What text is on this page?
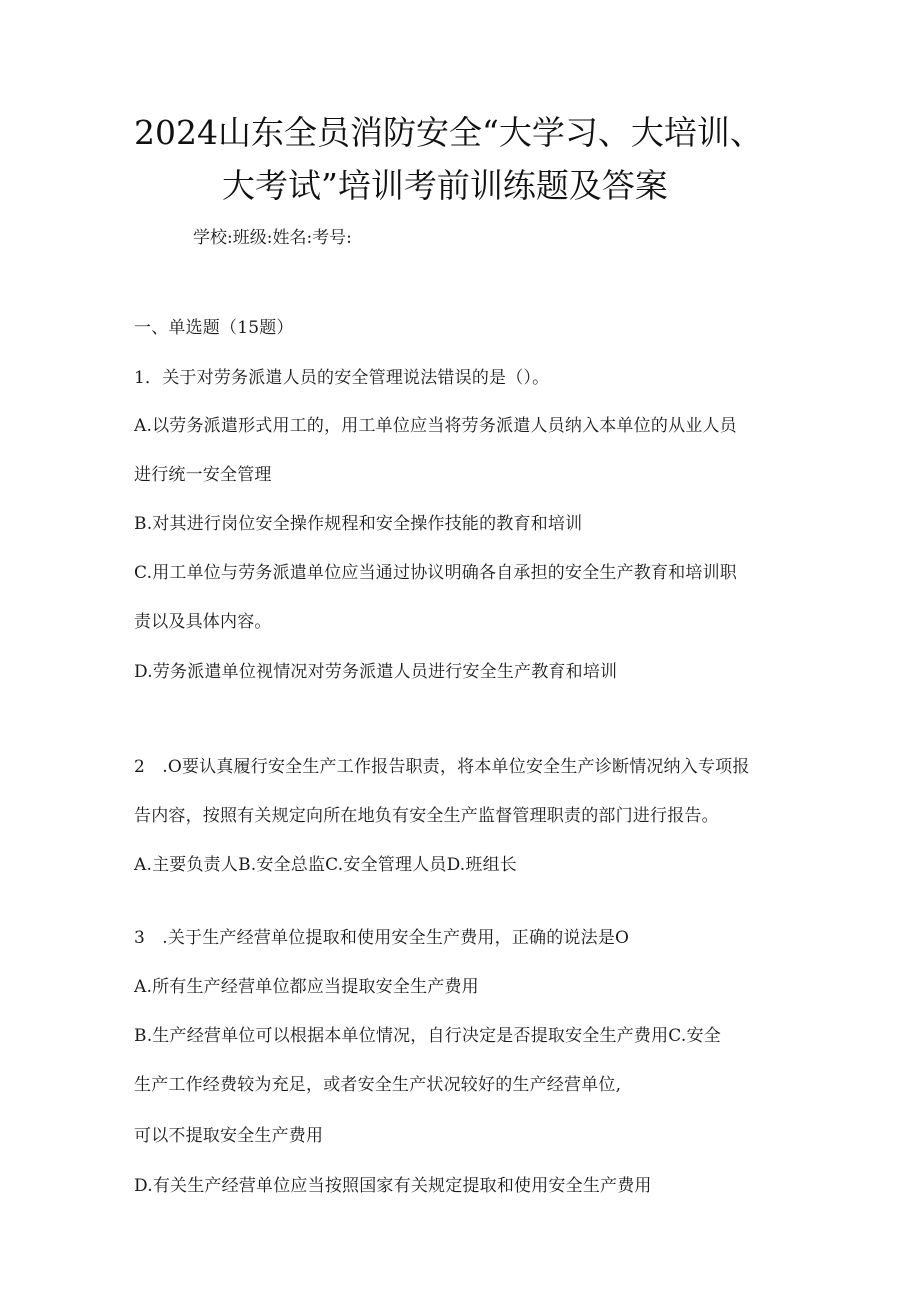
2024山东全员消防安全“大学习、大培训、
大考试”培训考前训练题及答案
学校:班级:姓名:考号:
一、单选题（15题）
1．关于对劳务派遣人员的安全管理说法错误的是（）。
A.以劳务派遣形式用工的，用工单位应当将劳务派遣人员纳入本单位的从业人员
进行统一安全管理
B.对其进行岗位安全操作规程和安全操作技能的教育和培训
C.用工单位与劳务派遣单位应当通过协议明确各自承担的安全生产教育和培训职
责以及具体内容。
D.劳务派遣单位视情况对劳务派遣人员进行安全生产教育和培训
2　.O要认真履行安全生产工作报告职责，将本单位安全生产诊断情况纳入专项报
告内容，按照有关规定向所在地负有安全生产监督管理职责的部门进行报告。
A.主要负责人B.安全总监C.安全管理人员D.班组长
3　.关于生产经营单位提取和使用安全生产费用，正确的说法是O
A.所有生产经营单位都应当提取安全生产费用
B.生产经营单位可以根据本单位情况，自行决定是否提取安全生产费用C.安全
生产工作经费较为充足，或者安全生产状况较好的生产经营单位,
可以不提取安全生产费用
D.有关生产经营单位应当按照国家有关规定提取和使用安全生产费用
